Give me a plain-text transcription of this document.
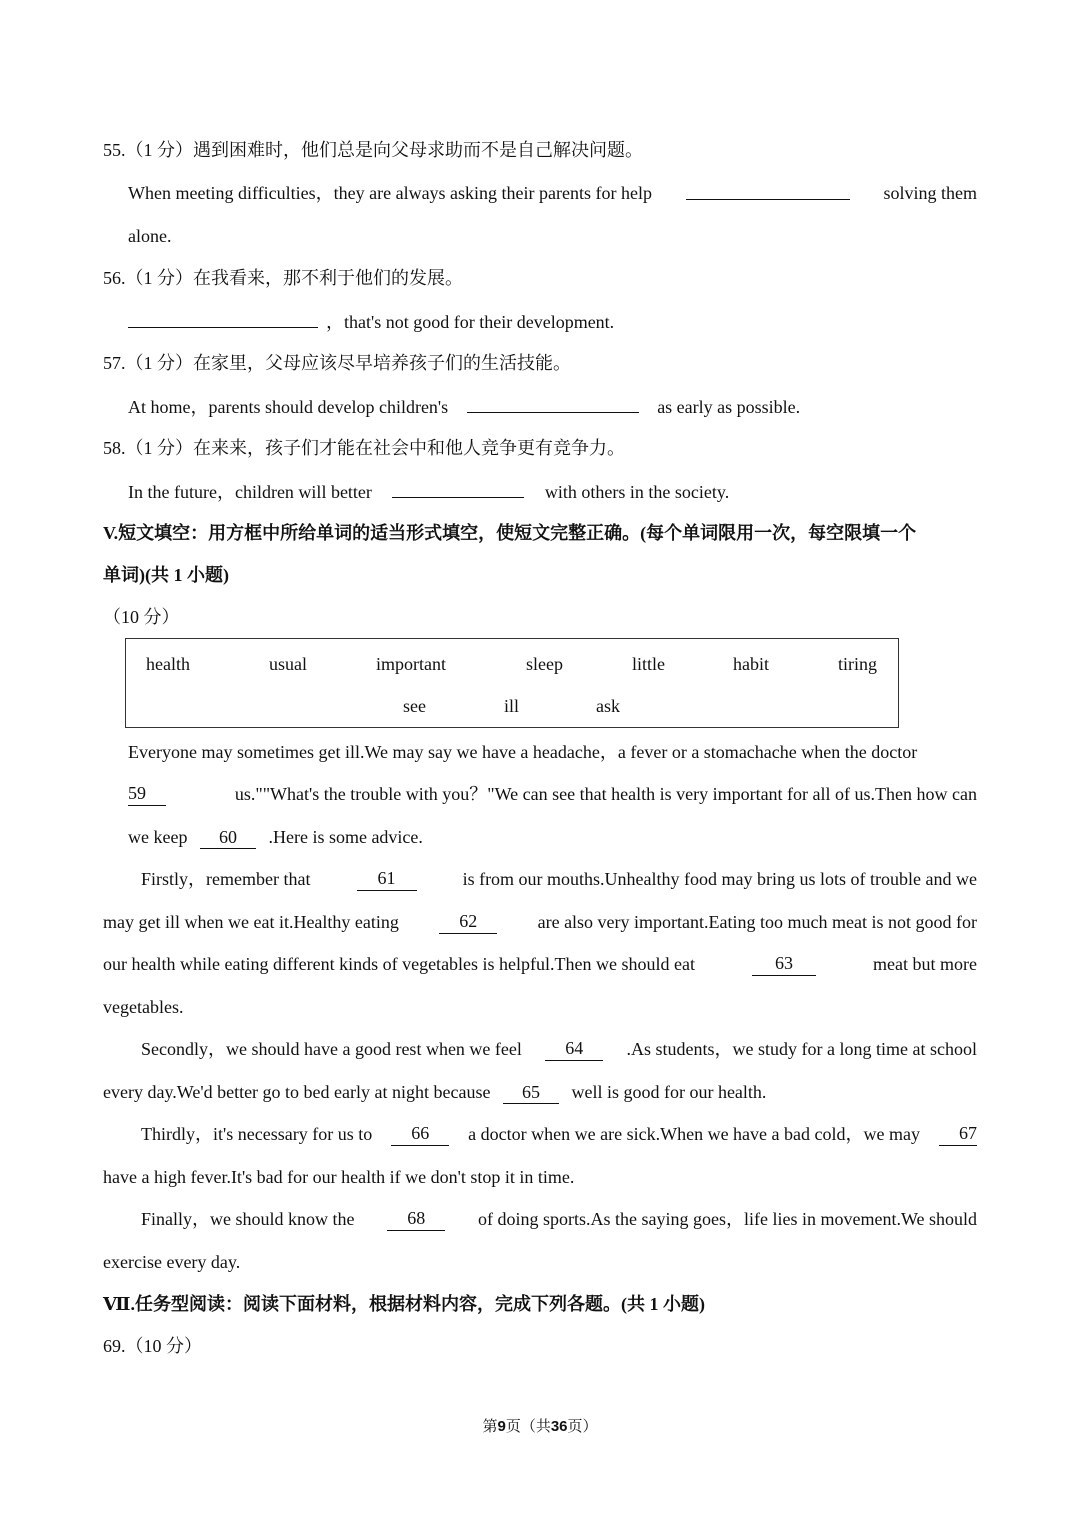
55.（1 分）遇到困难时，他们总是向父母求助而不是自己解决问题。
When meeting difficulties，they are always asking their parents for help	solving them
alone.
56.（1 分）在我看来，那不利于他们的发展。
，that's not good for their development.
57.（1 分）在家里，父母应该尽早培养孩子们的生活技能。
At home，parents should develop children's	as early as possible.
58.（1 分）在来来，孩子们才能在社会中和他人竞争更有竞争力。
In the future，children will better	with others in the society.
V.短文填空：用方框中所给单词的适当形式填空，使短文完整正确。(每个单词限用一次，每空限填一个
单词)(共 1 小题)
（10 分）
health	usual	important	sleep	little	habit	tiring
see	ill	ask
Everyone may sometimes get ill.We may say we have a headache，a fever or a stomachache when the doctor
59	us.""What's the trouble with you？"We can see that health is very important for all of us.Then how can
we keep 60 .Here is some advice.
Firstly，remember that	61	is from our mouths.Unhealthy food may bring us lots of trouble and we
may get ill when we eat it.Healthy eating	62	are also very important.Eating too much meat is not good for
our health while eating different kinds of vegetables is helpful.Then we should eat	63	meat but more
vegetables.
Secondly，we should have a good rest when we feel	64	.As students，we study for a long time at school
every day.We'd better go to bed early at night because 65 well is good for our health.
Thirdly，it's necessary for us to	66	a doctor when we are sick.When we have a bad cold，we may	67
have a high fever.It's bad for our health if we don't stop it in time.
Finally，we should know the	68	of doing sports.As the saying goes，life lies in movement.We should
exercise every day.
Ⅶ.任务型阅读：阅读下面材料，根据材料内容，完成下列各题。(共 1 小题)
69.（10 分）
第9页（共36页）
